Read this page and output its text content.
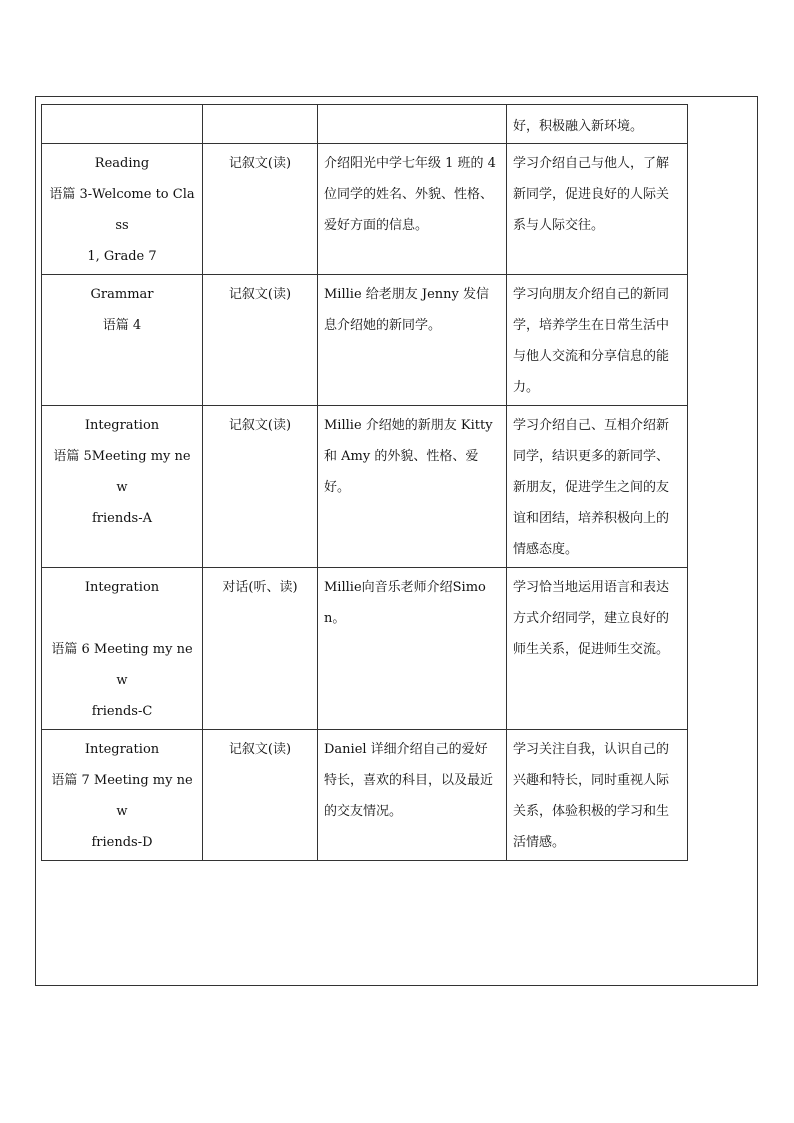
			好，积极融入新环境。

Reading
语篇 3-Welcome to Class
1, Grade 7	记叙文(读)	介绍阳光中学七年级 1 班的 4 位同学的姓名、外貌、性格、爱好方面的信息。	学习介绍自己与他人，了解新同学，促进良好的人际关系与人际交往。

Grammar
语篇 4	记叙文(读)	Millie 给老朋友 Jenny 发信息介绍她的新同学。	学习向朋友介绍自己的新同学，培养学生在日常生活中与他人交流和分享信息的能力。

Integration
语篇 5Meeting my new
friends-A	记叙文(读)	Millie 介绍她的新朋友 Kitty 和 Amy 的外貌、性格、爱好。	学习介绍自己、互相介绍新同学，结识更多的新同学、新朋友，促进学生之间的友谊和团结，培养积极向上的情感态度。

Integration
语篇 6 Meeting my new
friends-C	对话(听、读)	Millie向音乐老师介绍Simon。	学习恰当地运用语言和表达方式介绍同学，建立良好的师生关系，促进师生交流。

Integration
语篇 7 Meeting my new
friends-D	记叙文(读)	Daniel 详细介绍自己的爱好特长，喜欢的科目，以及最近的交友情况。	学习关注自我，认识自己的兴趣和特长，同时重视人际关系，体验积极的学习和生活情感。
